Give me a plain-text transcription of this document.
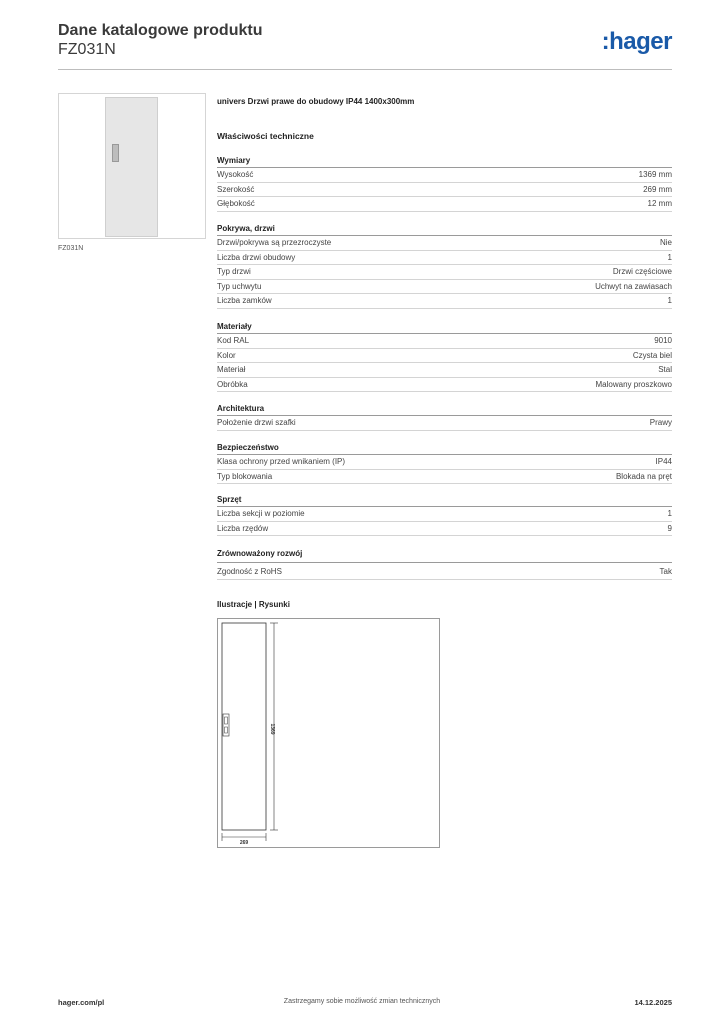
Dane katalogowe produktu
FZ031N	:hager
FZ031N
univers Drzwi prawe do obudowy IP44 1400x300mm
Właściwości techniczne
Wymiary
Wysokość	1369 mm
Szerokość	269 mm
Głębokość	12 mm
Pokrywa, drzwi
Drzwi/pokrywa są przezroczyste	Nie
Liczba drzwi obudowy	1
Typ drzwi	Drzwi częściowe
Typ uchwytu	Uchwyt na zawiasach
Liczba zamków	1
Materiały
Kod RAL	9010
Kolor	Czysta biel
Materiał	Stal
Obróbka	Malowany proszkowo
Architektura
Położenie drzwi szafki	Prawy
Bezpieczeństwo
Klasa ochrony przed wnikaniem (IP)	IP44
Typ blokowania	Blokada na pręt
Sprzęt
Liczba sekcji w poziomie	1
Liczba rzędów	9
Zrównoważony rozwój
Zgodność z RoHS	Tak
Ilustracje | Rysunki
1369
269
hager.com/pl	Zastrzegamy sobie możliwość zmian technicznych	14.12.2025
